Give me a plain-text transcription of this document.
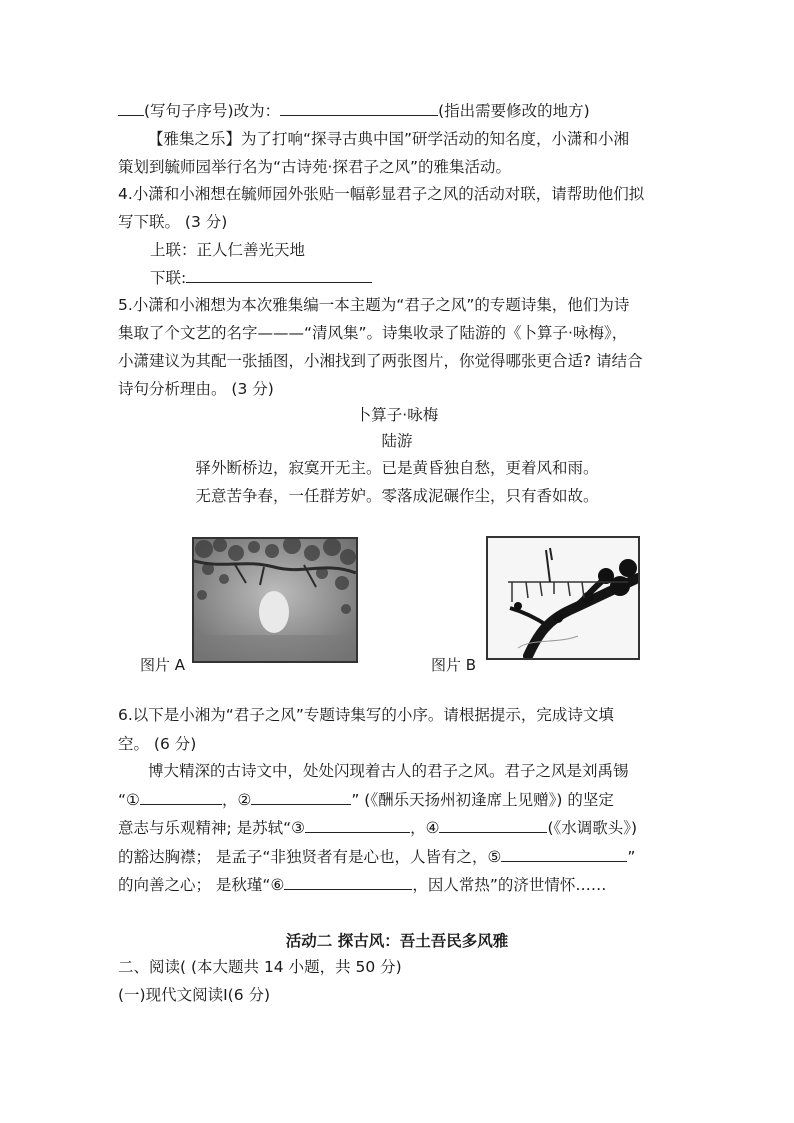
(写句子序号)改为：	(指出需要修改的地方)
【雅集之乐】为了打响“探寻古典中国”研学活动的知名度，小潇和小湘
策划到毓师园举行名为“古诗苑·探君子之风”的雅集活动。
4.小潇和小湘想在毓师园外张贴一幅彰显君子之风的活动对联，请帮助他们拟
写下联。 (3 分)
上联：正人仁善光天地
下联:
5.小潇和小湘想为本次雅集编一本主题为“君子之风”的专题诗集，他们为诗
集取了个文艺的名字———“清风集”。诗集收录了陆游的《卜算子·咏梅》，
小潇建议为其配一张插图，小湘找到了两张图片，你觉得哪张更合适? 请结合
诗句分析理由。 (3 分)
卜算子·咏梅
陆游
驿外断桥边，寂寞开无主。已是黄昏独自愁，更着风和雨。
无意苦争春，一任群芳妒。零落成泥碾作尘，只有香如故。
图片 A	图片 B
6.以下是小湘为“君子之风”专题诗集写的小序。请根据提示，完成诗文填
空。 (6 分)
博大精深的古诗文中，处处闪现着古人的君子之风。君子之风是刘禹锡
“①	，②	” (《酬乐天扬州初逢席上见赠》) 的坚定
意志与乐观精神; 是苏轼“③	，④	(《水调歌头》)
的豁达胸襟； 是孟子“非独贤者有是心也，人皆有之，⑤	”
的向善之心； 是秋瑾“⑥	，因人常热”的济世情怀……
活动二 探古风：吾土吾民多风雅
二、阅读( (本大题共 14 小题，共 50 分)
(一)现代文阅读Ⅰ(6 分)
